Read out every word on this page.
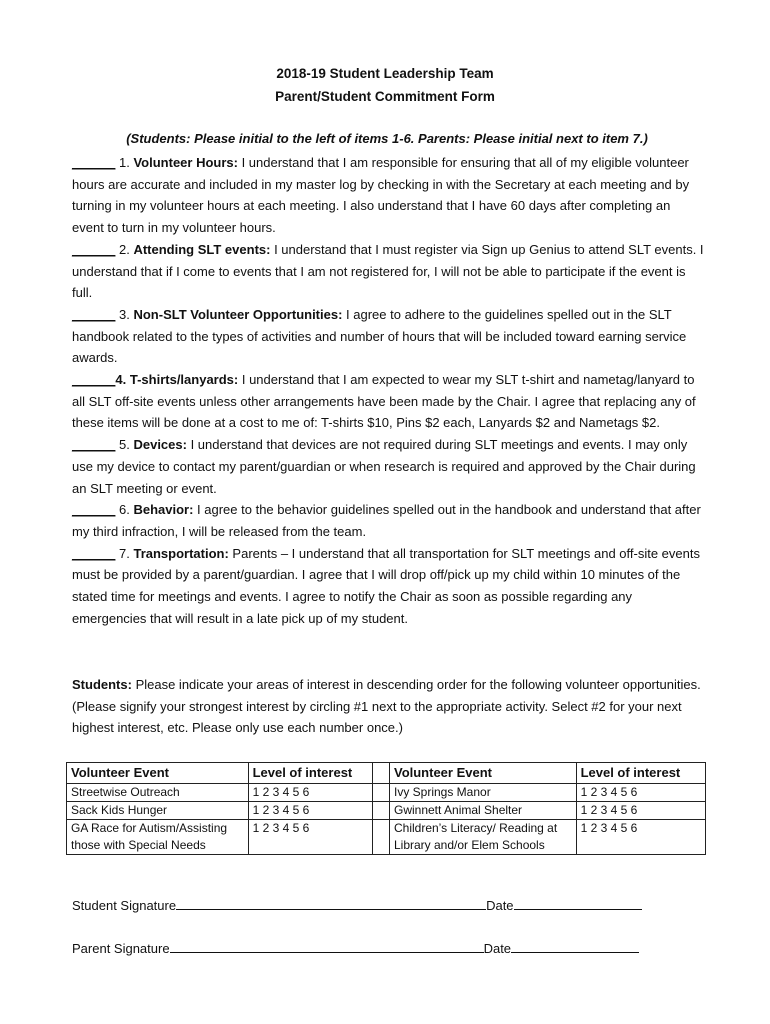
2018-19 Student Leadership Team
Parent/Student Commitment Form
(Students: Please initial to the left of items 1-6. Parents: Please initial next to item 7.)

______ 1. Volunteer Hours: I understand that I am responsible for ensuring that all of my eligible volunteer hours are accurate and included in my master log by checking in with the Secretary at each meeting and by turning in my volunteer hours at each meeting. I also understand that I have 60 days after completing an event to turn in my volunteer hours.

______ 2. Attending SLT events: I understand that I must register via Sign up Genius to attend SLT events. I understand that if I come to events that I am not registered for, I will not be able to participate if the event is full.

______ 3. Non-SLT Volunteer Opportunities: I agree to adhere to the guidelines spelled out in the SLT handbook related to the types of activities and number of hours that will be included toward earning service awards.

______4. T-shirts/lanyards: I understand that I am expected to wear my SLT t-shirt and nametag/lanyard to all SLT off-site events unless other arrangements have been made by the Chair. I agree that replacing any of these items will be done at a cost to me of: T-shirts $10, Pins $2 each, Lanyards $2 and Nametags $2.

______ 5. Devices: I understand that devices are not required during SLT meetings and events. I may only use my device to contact my parent/guardian or when research is required and approved by the Chair during an SLT meeting or event.

______ 6. Behavior: I agree to the behavior guidelines spelled out in the handbook and understand that after my third infraction, I will be released from the team.

______ 7. Transportation: Parents – I understand that all transportation for SLT meetings and off-site events must be provided by a parent/guardian. I agree that I will drop off/pick up my child within 10 minutes of the stated time for meetings and events. I agree to notify the Chair as soon as possible regarding any emergencies that will result in a late pick up of my student.

Students: Please indicate your areas of interest in descending order for the following volunteer opportunities. (Please signify your strongest interest by circling #1 next to the appropriate activity. Select #2 for your next highest interest, etc. Please only use each number once.)
Volunteer Event	Level of interest		Volunteer Event	Level of interest
Streetwise Outreach	1 2 3 4 5 6		Ivy Springs Manor	1 2 3 4 5 6
Sack Kids Hunger	1 2 3 4 5 6		Gwinnett Animal Shelter	1 2 3 4 5 6
GA Race for Autism/Assisting those with Special Needs	1 2 3 4 5 6		Children’s Literacy/ Reading at Library and/or Elem Schools	1 2 3 4 5 6
Student Signature	Date
Parent Signature	Date
